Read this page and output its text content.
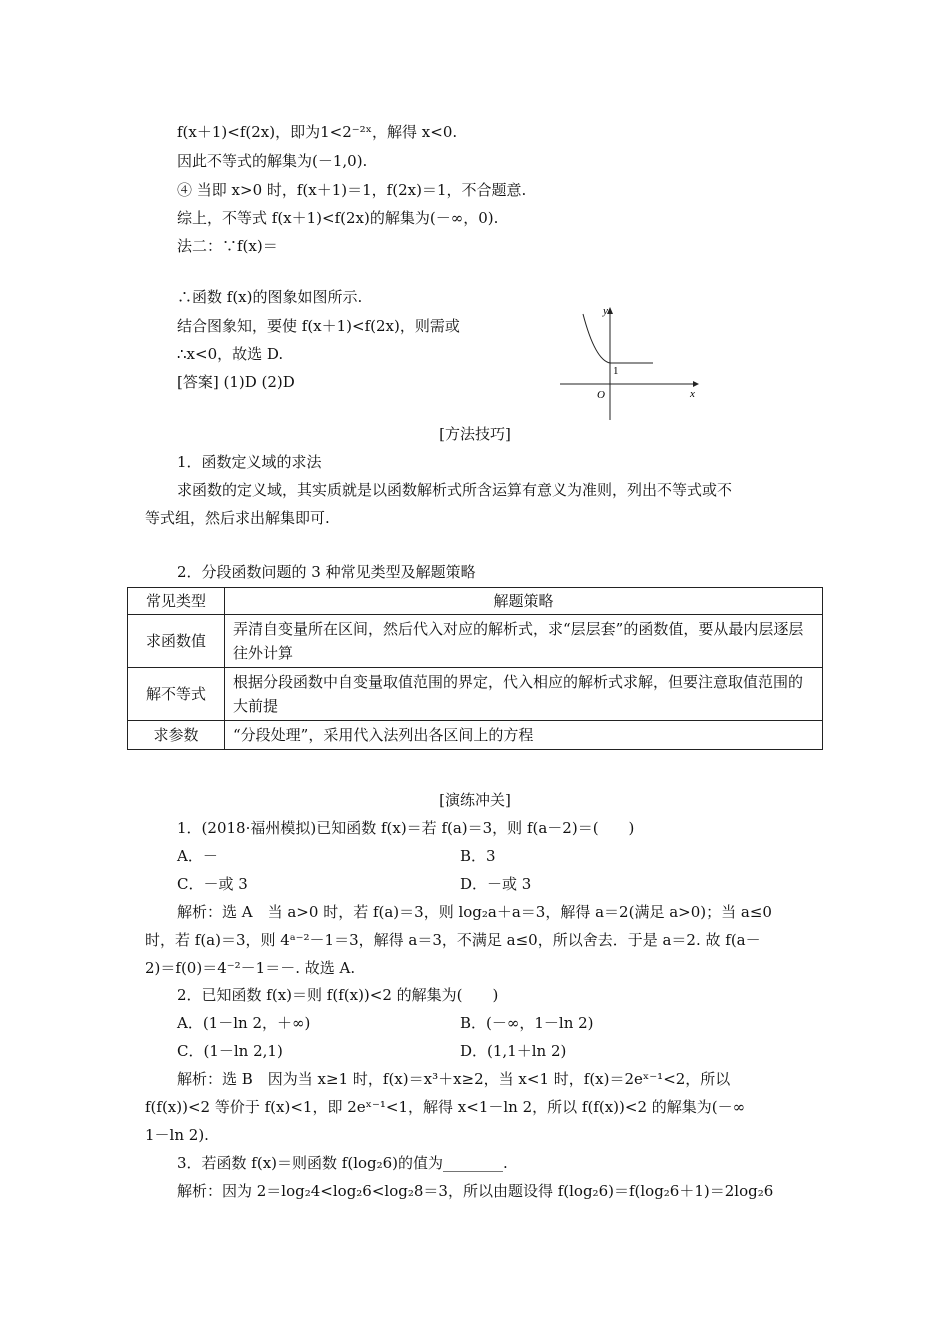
f(x＋1)<f(2x)，即为1<2⁻²ˣ，解得 x<0.
因此不等式的解集为(－1,0).
④ 当即 x>0 时，f(x＋1)＝1，f(2x)＝1，不合题意.
综上，不等式 f(x＋1)<f(2x)的解集为(－∞，0).
法二：∵f(x)＝
∴函数 f(x)的图象如图所示.
结合图象知，要使 f(x＋1)<f(2x)，则需或
∴x<0，故选 D.
[答案] (1)D (2)D
y
x
O
1
[方法技巧]
1．函数定义域的求法
求函数的定义域，其实质就是以函数解析式所含运算有意义为准则，列出不等式或不
等式组，然后求出解集即可.
2．分段函数问题的 3 种常见类型及解题策略
常见类型	解题策略
求函数值	弄清自变量所在区间，然后代入对应的解析式，求“层层套”的函数值，要从最内层逐层往外计算
解不等式	根据分段函数中自变量取值范围的界定，代入相应的解析式求解，但要注意取值范围的大前提
求参数	“分段处理”，采用代入法列出各区间上的方程
[演练冲关]
1．(2018·福州模拟)已知函数 f(x)＝若 f(a)＝3，则 f(a－2)＝(　　)
A．－	B．3
C．－或 3	D．－或 3
解析：选 A　当 a>0 时，若 f(a)＝3，则 log₂a＋a＝3，解得 a＝2(满足 a>0)；当 a≤0
时，若 f(a)＝3，则 4ᵃ⁻²－1＝3，解得 a＝3，不满足 a≤0，所以舍去．于是 a＝2. 故 f(a－
2)＝f(0)＝4⁻²－1＝－. 故选 A.
2．已知函数 f(x)＝则 f(f(x))<2 的解集为(　　)
A．(1－ln 2，＋∞)	B．(－∞，1－ln 2)
C．(1－ln 2,1)	D．(1,1＋ln 2)
解析：选 B　因为当 x≥1 时，f(x)＝x³＋x≥2，当 x<1 时，f(x)＝2eˣ⁻¹<2，所以
f(f(x))<2 等价于 f(x)<1，即 2eˣ⁻¹<1，解得 x<1－ln 2，所以 f(f(x))<2 的解集为(－∞
1－ln 2).
3．若函数 f(x)＝则函数 f(log₂6)的值为________.
解析：因为 2＝log₂4<log₂6<log₂8＝3，所以由题设得 f(log₂6)＝f(log₂6＋1)＝2log₂6
